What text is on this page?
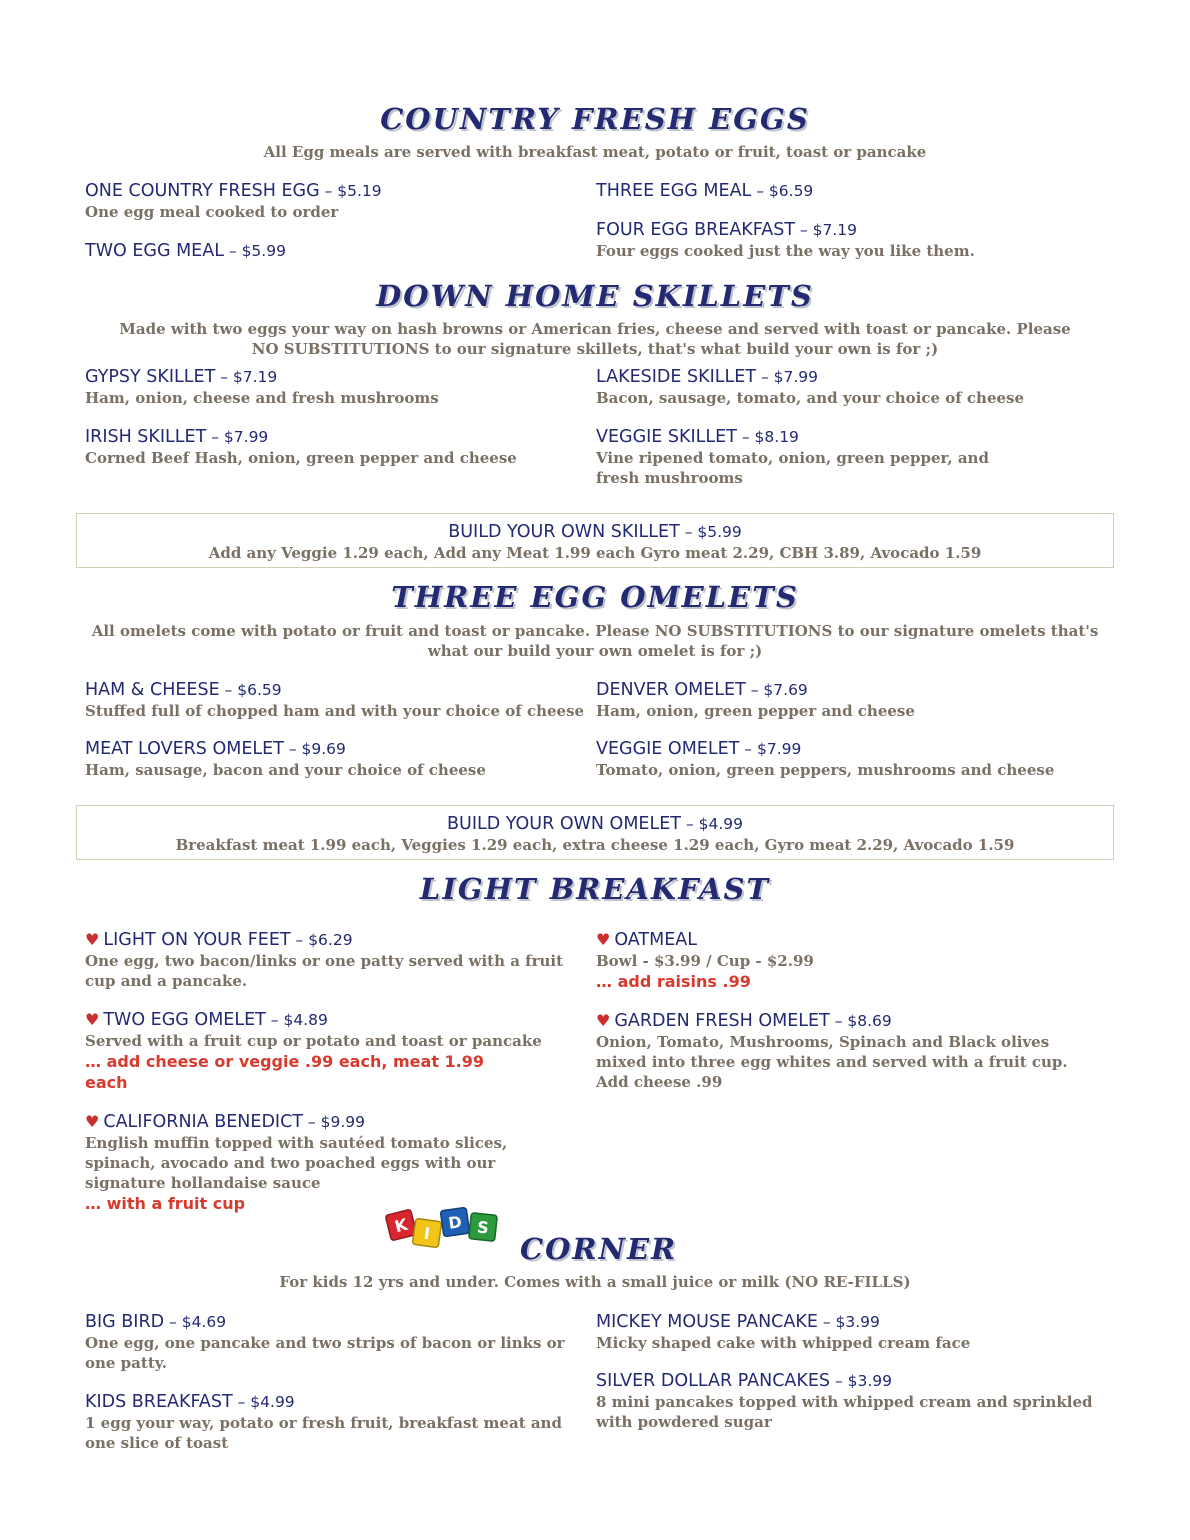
COUNTRY FRESH EGGS
All Egg meals are served with breakfast meat, potato or fruit, toast or pancake
ONE COUNTRY FRESH EGG – $5.19
One egg meal cooked to order
TWO EGG MEAL – $5.99
THREE EGG MEAL – $6.59
FOUR EGG BREAKFAST – $7.19
Four eggs cooked just the way you like them.
DOWN HOME SKILLETS
Made with two eggs your way on hash browns or American fries, cheese and served with toast or pancake. Please NO SUBSTITUTIONS to our signature skillets, that's what build your own is for ;)
GYPSY SKILLET – $7.19
Ham, onion, cheese and fresh mushrooms
IRISH SKILLET – $7.99
Corned Beef Hash, onion, green pepper and cheese
LAKESIDE SKILLET – $7.99
Bacon, sausage, tomato, and your choice of cheese
VEGGIE SKILLET – $8.19
Vine ripened tomato, onion, green pepper, and fresh mushrooms
BUILD YOUR OWN SKILLET – $5.99
Add any Veggie 1.29 each, Add any Meat 1.99 each Gyro meat 2.29, CBH 3.89, Avocado 1.59
THREE EGG OMELETS
All omelets come with potato or fruit and toast or pancake. Please NO SUBSTITUTIONS to our signature omelets that's what our build your own omelet is for ;)
HAM & CHEESE – $6.59
Stuffed full of chopped ham and with your choice of cheese
MEAT LOVERS OMELET – $9.69
Ham, sausage, bacon and your choice of cheese
DENVER OMELET – $7.69
Ham, onion, green pepper and cheese
VEGGIE OMELET – $7.99
Tomato, onion, green peppers, mushrooms and cheese
BUILD YOUR OWN OMELET – $4.99
Breakfast meat 1.99 each, Veggies 1.29 each, extra cheese 1.29 each, Gyro meat 2.29, Avocado 1.59
LIGHT BREAKFAST
♥ LIGHT ON YOUR FEET – $6.29
One egg, two bacon/links or one patty served with a fruit cup and a pancake.
♥ TWO EGG OMELET – $4.89
Served with a fruit cup or potato and toast or pancake
… add cheese or veggie .99 each, meat 1.99 each
♥ CALIFORNIA BENEDICT – $9.99
English muffin topped with sautéed tomato slices, spinach, avocado and two poached eggs with our signature hollandaise sauce
… with a fruit cup
♥ OATMEAL
Bowl - $3.99 / Cup - $2.99
… add raisins .99
♥ GARDEN FRESH OMELET – $8.69
Onion, Tomato, Mushrooms, Spinach and Black olives mixed into three egg whites and served with a fruit cup. Add cheese .99
K I
D S
CORNER
For kids 12 yrs and under. Comes with a small juice or milk (NO RE-FILLS)
BIG BIRD – $4.69
One egg, one pancake and two strips of bacon or links or one patty.
KIDS BREAKFAST – $4.99
1 egg your way, potato or fresh fruit, breakfast meat and one slice of toast
MICKEY MOUSE PANCAKE – $3.99
Micky shaped cake with whipped cream face
SILVER DOLLAR PANCAKES – $3.99
8 mini pancakes topped with whipped cream and sprinkled with powdered sugar
